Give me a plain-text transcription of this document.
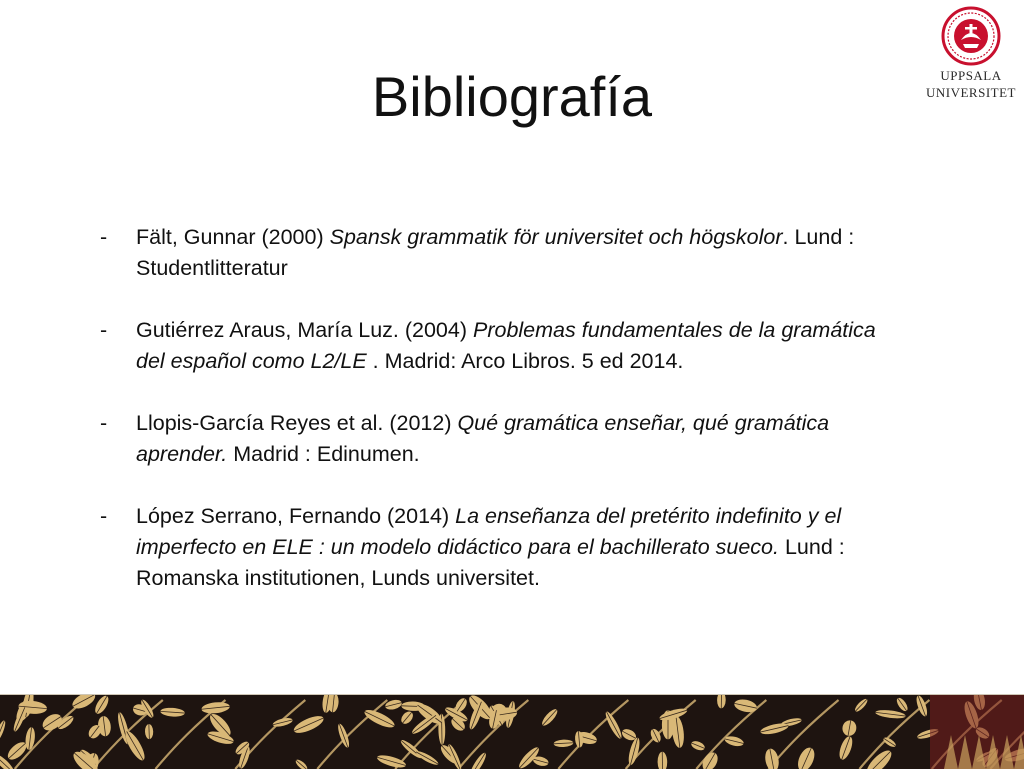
Bibliografía	UPPSALA
UNIVERSITET
- Fält, Gunnar (2000) Spansk grammatik för universitet och högskolor. Lund : Studentlitteratur
- Gutiérrez Araus, María Luz. (2004) Problemas fundamentales de la gramática del español como L2/LE . Madrid: Arco Libros. 5 ed 2014.
- Llopis-García Reyes et al. (2012) Qué gramática enseñar, qué gramática aprender. Madrid : Edinumen.
- López Serrano, Fernando (2014) La enseñanza del pretérito indefinito y el imperfecto en ELE : un modelo didáctico para el bachillerato sueco. Lund : Romanska institutionen, Lunds universitet.
